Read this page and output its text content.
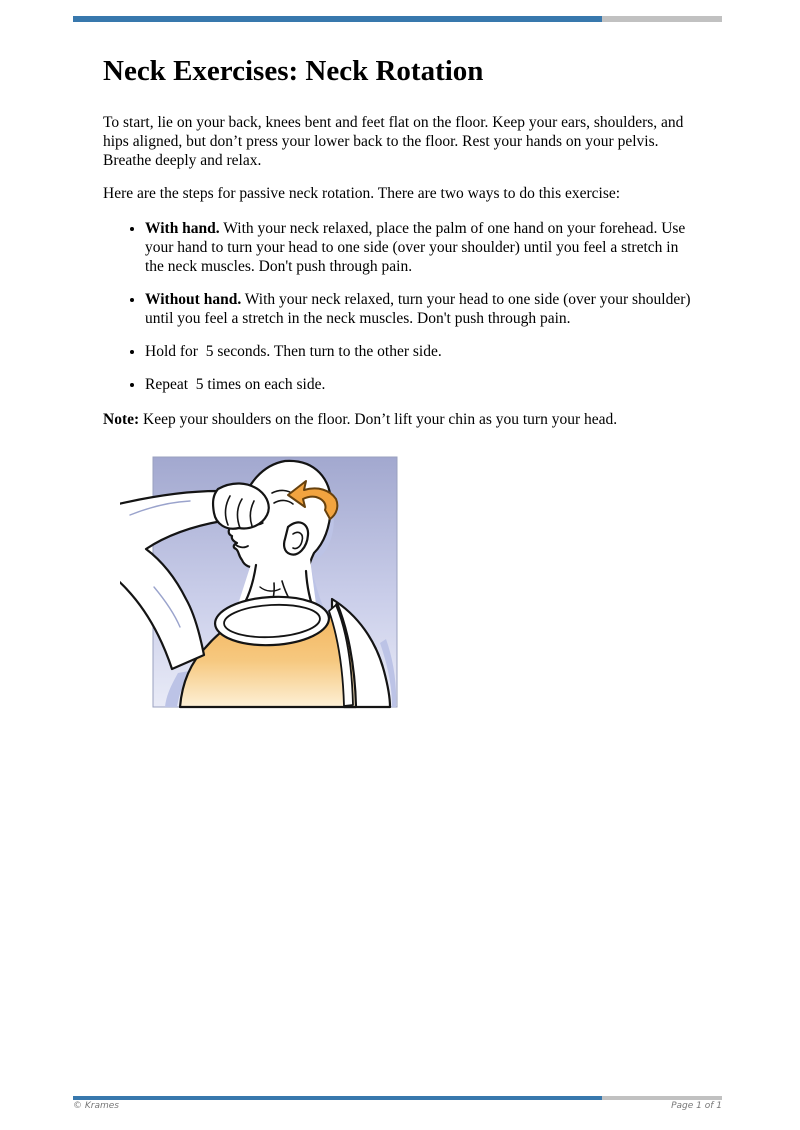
Neck Exercises: Neck Rotation

To start, lie on your back, knees bent and feet flat on the floor. Keep your ears, shoulders, and hips aligned, but don’t press your lower back to the floor. Rest your hands on your pelvis. Breathe deeply and relax.

Here are the steps for passive neck rotation. There are two ways to do this exercise:

• With hand. With your neck relaxed, place the palm of one hand on your forehead. Use your hand to turn your head to one side (over your shoulder) until you feel a stretch in the neck muscles. Don't push through pain.
• Without hand. With your neck relaxed, turn your head to one side (over your shoulder) until you feel a stretch in the neck muscles. Don't push through pain.
• Hold for  5 seconds. Then turn to the other side.
• Repeat  5 times on each side.

Note: Keep your shoulders on the floor. Don’t lift your chin as you turn your head.

© Krames	Page 1 of 1
